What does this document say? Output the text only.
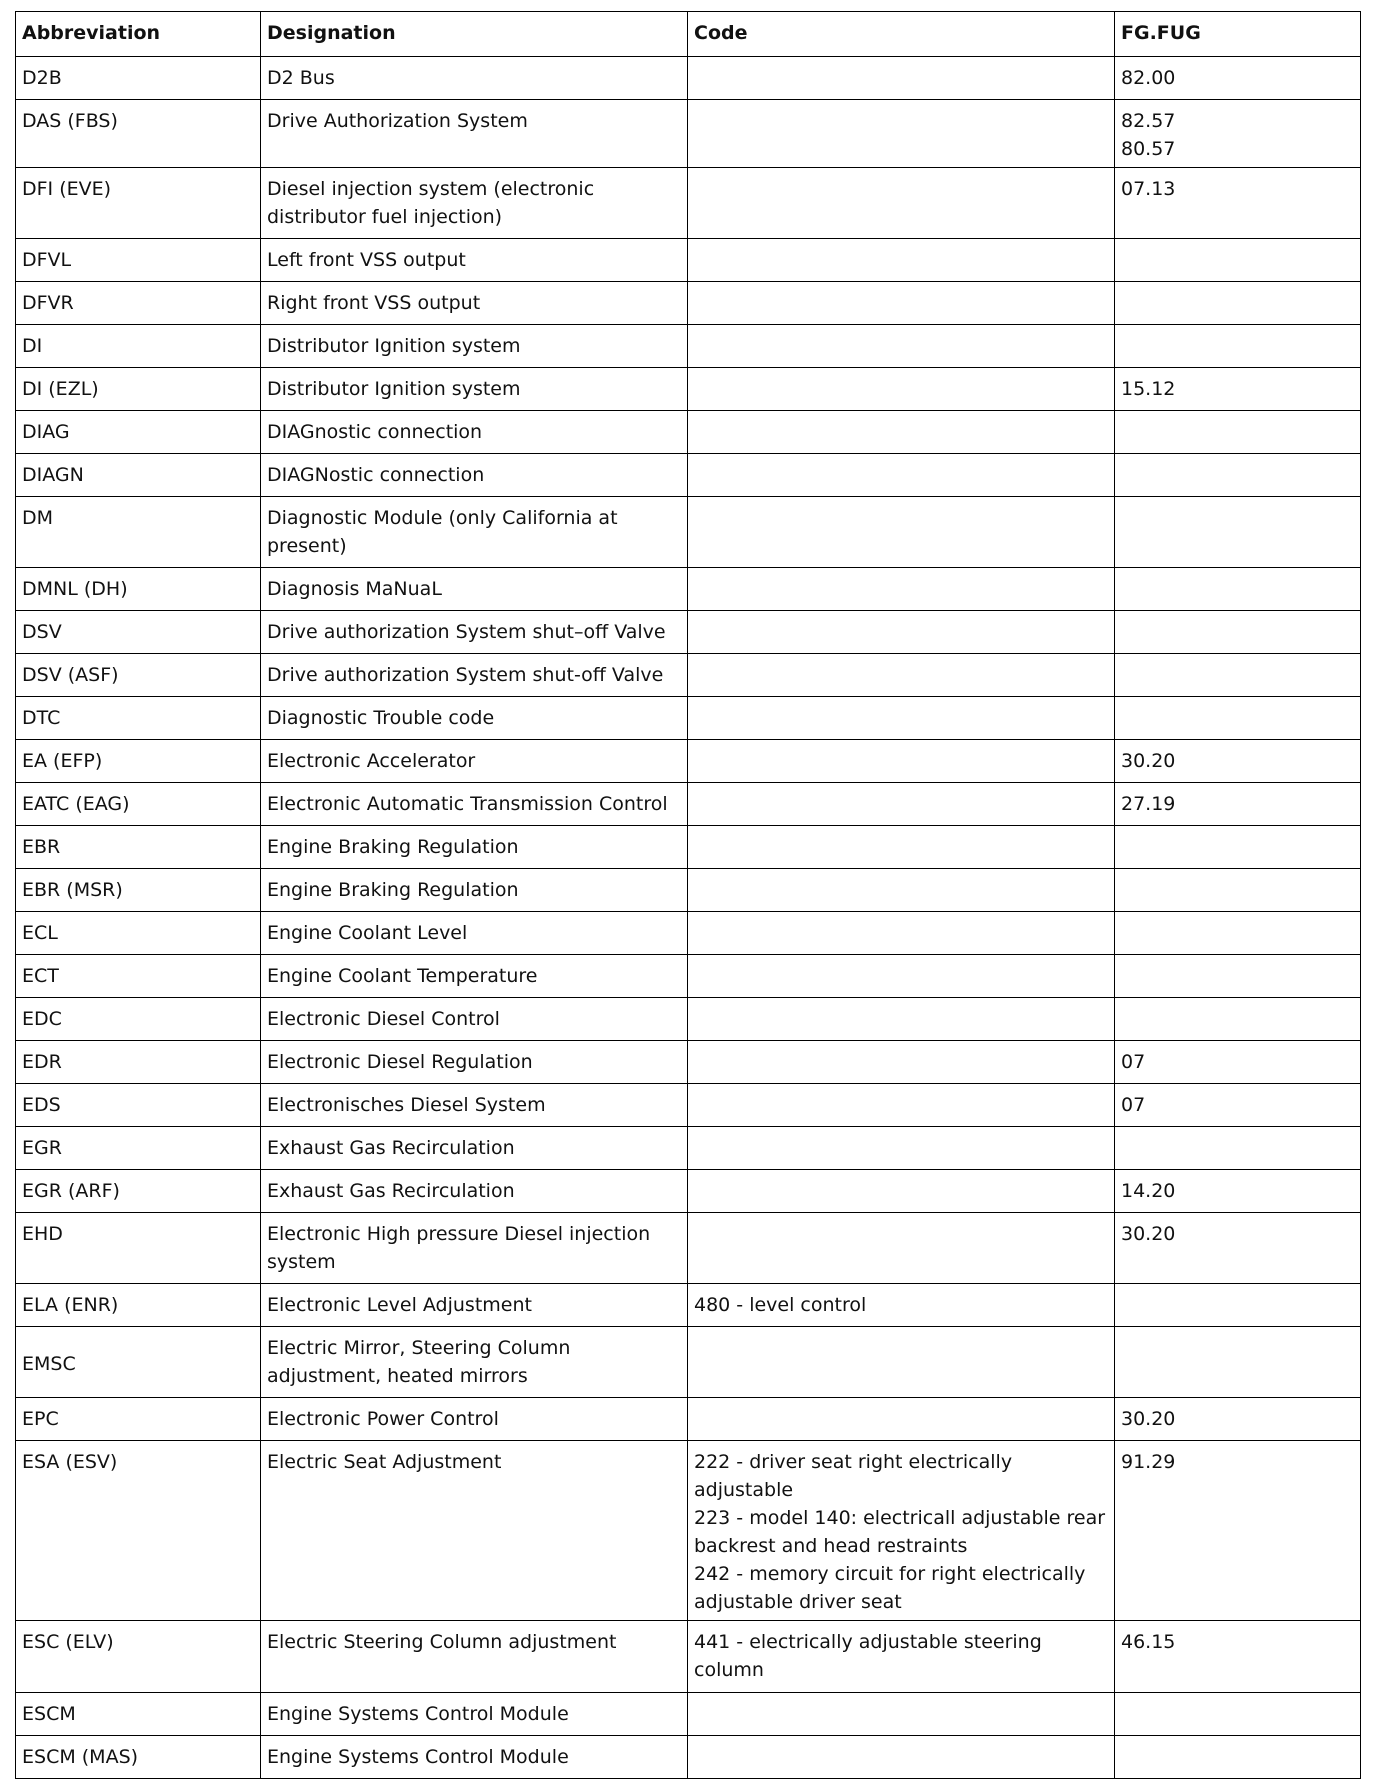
Abbreviation	Designation	Code	FG.FUG
D2B	D2 Bus		82.00
DAS (FBS)	Drive Authorization System		82.57
80.57
DFI (EVE)	Diesel injection system (electronic distributor fuel injection)		07.13
DFVL	Left front VSS output		
DFVR	Right front VSS output		
DI	Distributor Ignition system		
DI (EZL)	Distributor Ignition system		15.12
DIAG	DIAGnostic connection		
DIAGN	DIAGNostic connection		
DM	Diagnostic Module (only California at present)		
DMNL (DH)	Diagnosis MaNuaL		
DSV	Drive authorization System shut–off Valve		
DSV (ASF)	Drive authorization System shut-off Valve		
DTC	Diagnostic Trouble code		
EA (EFP)	Electronic Accelerator		30.20
EATC (EAG)	Electronic Automatic Transmission Control		27.19
EBR	Engine Braking Regulation		
EBR (MSR)	Engine Braking Regulation		
ECL	Engine Coolant Level		
ECT	Engine Coolant Temperature		
EDC	Electronic Diesel Control		
EDR	Electronic Diesel Regulation		07
EDS	Electronisches Diesel System		07
EGR	Exhaust Gas Recirculation		
EGR (ARF)	Exhaust Gas Recirculation		14.20
EHD	Electronic High pressure Diesel injection system		30.20
ELA (ENR)	Electronic Level Adjustment	480 - level control	
EMSC	Electric Mirror, Steering Column adjustment, heated mirrors		
EPC	Electronic Power Control		30.20
ESA (ESV)	Electric Seat Adjustment	222 - driver seat right electrically adjustable
223 - model 140: electricall adjustable rear backrest and head restraints
242 - memory circuit for right electrically adjustable driver seat	91.29
ESC (ELV)	Electric Steering Column adjustment	441 - electrically adjustable steering column	46.15
ESCM	Engine Systems Control Module		
ESCM (MAS)	Engine Systems Control Module		
